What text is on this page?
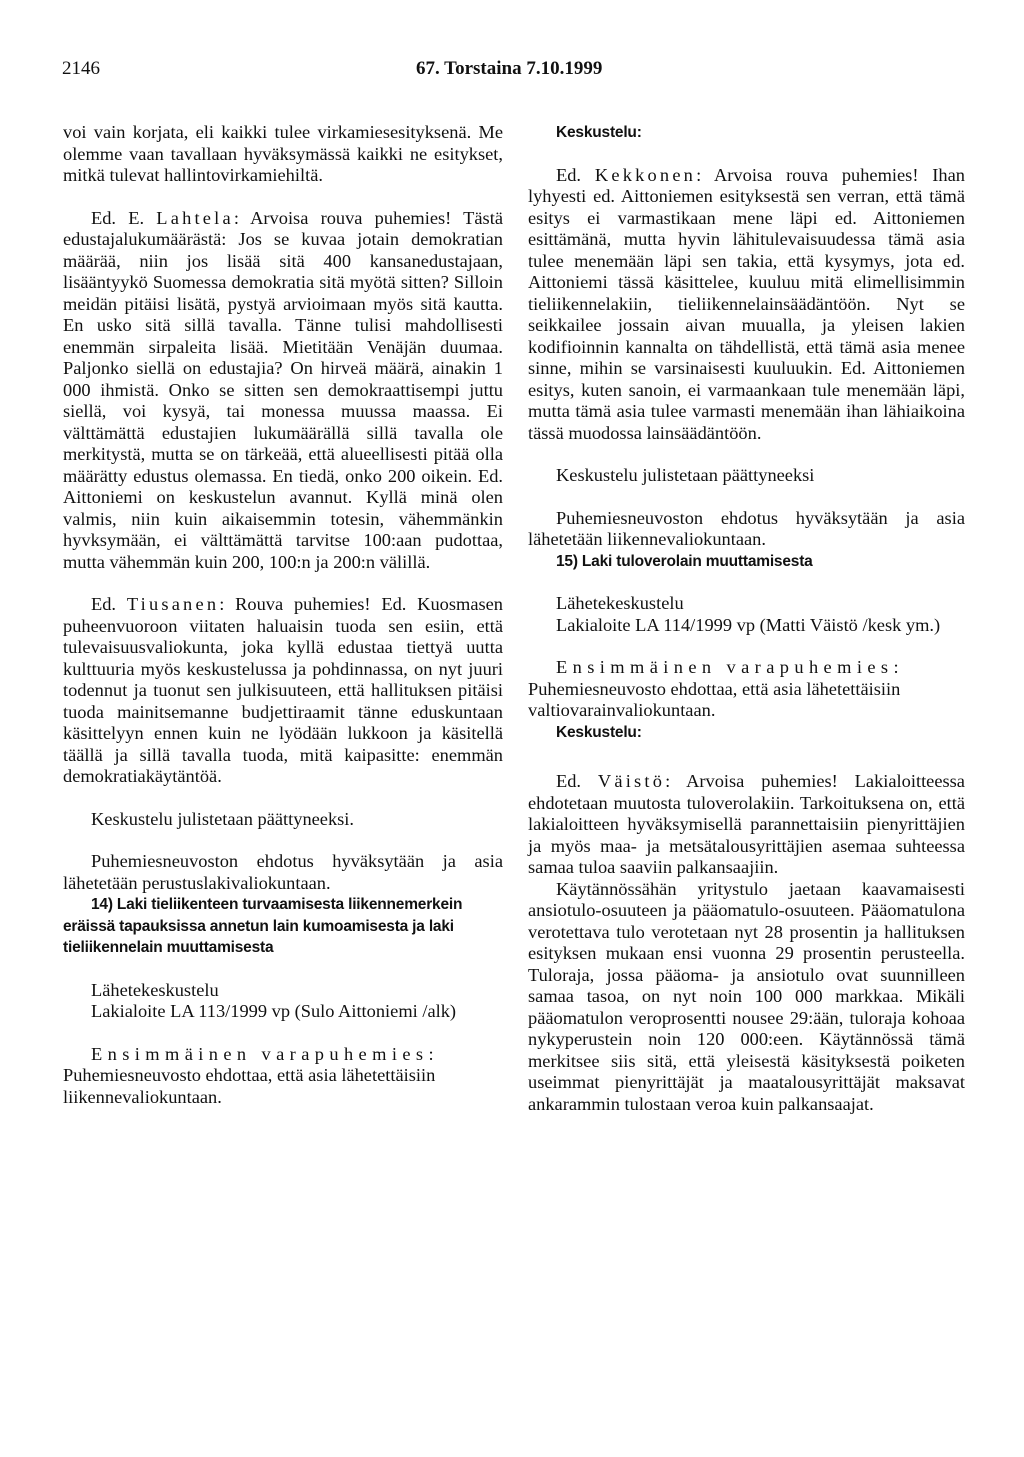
2146	67. Torstaina 7.10.1999

voi vain korjata, eli kaikki tulee virkamiesesityksenä. Me olemme vaan tavallaan hyväksymässä kaikki ne esitykset, mitkä tulevat hallintovirkamiehiltä.

Ed. E. Lahtela: Arvoisa rouva puhemies! Tästä edustajalukumäärästä: Jos se kuvaa jotain demokratian määrää, niin jos lisää sitä 400 kansanedustajaan, lisääntyykö Suomessa demokratia sitä myötä sitten? Silloin meidän pitäisi lisätä, pystyä arvioimaan myös sitä kautta. En usko sitä sillä tavalla. Tänne tulisi mahdollisesti enemmän sirpaleita lisää. Mietitään Venäjän duumaa. Paljonko siellä on edustajia? On hirveä määrä, ainakin 1 000 ihmistä. Onko se sitten sen demokraattisempi juttu siellä, voi kysyä, tai monessa muussa maassa. Ei välttämättä edustajien lukumäärällä sillä tavalla ole merkitystä, mutta se on tärkeää, että alueellisesti pitää olla määrätty edustus olemassa. En tiedä, onko 200 oikein. Ed. Aittoniemi on keskustelun avannut. Kyllä minä olen valmis, niin kuin aikaisemmin totesin, vähemmänkin hyvksymään, ei välttämättä tarvitse 100:aan pudottaa, mutta vähemmän kuin 200, 100:n ja 200:n välillä.

Ed. Tiusanen: Rouva puhemies! Ed. Kuosmasen puheenvuoroon viitaten haluaisin tuoda sen esiin, että tulevaisuusvaliokunta, joka kyllä edustaa tiettyä uutta kulttuuria myös keskustelussa ja pohdinnassa, on nyt juuri todennut ja tuonut sen julkisuuteen, että hallituksen pitäisi tuoda mainitsemanne budjettiraamit tänne eduskuntaan käsittelyyn ennen kuin ne lyödään lukkoon ja käsitellä täällä ja sillä tavalla tuoda, mitä kaipasitte: enemmän demokratiakäytäntöä.

Keskustelu julistetaan päättyneeksi.

Puhemiesneuvoston ehdotus hyväksytään ja asia lähetetään perustuslakivaliokuntaan.

14) Laki tieliikenteen turvaamisesta liikennemerkein eräissä tapauksissa annetun lain kumoamisesta ja laki tieliikennelain muuttamisesta

Lähetekeskustelu

Lakialoite LA 113/1999 vp (Sulo Aittoniemi /alk)

Ensimmäinen varapuhemies:
Puhemiesneuvosto ehdottaa, että asia lähetettäisiin liikennevaliokuntaan.

Keskustelu:

Ed. Kekkonen: Arvoisa rouva puhemies! Ihan lyhyesti ed. Aittoniemen esityksestä sen verran, että tämä esitys ei varmastikaan mene läpi ed. Aittoniemen esittämänä, mutta hyvin lähitulevaisuudessa tämä asia tulee menemään läpi sen takia, että kysymys, jota ed. Aittoniemi tässä käsittelee, kuuluu mitä elimellisimmin tieliikennelakiin, tieliikennelainsäädäntöön. Nyt se seikkailee jossain aivan muualla, ja yleisen lakien kodifioinnin kannalta on tähdellistä, että tämä asia menee sinne, mihin se varsinaisesti kuuluukin. Ed. Aittoniemen esitys, kuten sanoin, ei varmaankaan tule menemään läpi, mutta tämä asia tulee varmasti menemään ihan lähiaikoina tässä muodossa lainsäädäntöön.

Keskustelu julistetaan päättyneeksi

Puhemiesneuvoston ehdotus hyväksytään ja asia lähetetään liikennevaliokuntaan.

15) Laki tuloverolain muuttamisesta

Lähetekeskustelu

Lakialoite LA 114/1999 vp (Matti Väistö /kesk ym.)

Ensimmäinen varapuhemies:
Puhemiesneuvosto ehdottaa, että asia lähetettäisiin valtiovarainvaliokuntaan.

Keskustelu:

Ed. Väistö: Arvoisa puhemies! Lakialoitteessa ehdotetaan muutosta tuloverolakiin. Tarkoituksena on, että lakialoitteen hyväksymisellä parannettaisiin pienyrittäjien ja myös maa- ja metsätalousyrittäjien asemaa suhteessa samaa tuloa saaviin palkansaajiin.

Käytännössähän yritystulo jaetaan kaavamaisesti ansiotulo-osuuteen ja pääomatulo-osuuteen. Pääomatulona verotettava tulo verotetaan nyt 28 prosentin ja hallituksen esityksen mukaan ensi vuonna 29 prosentin perusteella. Tuloraja, jossa pääoma- ja ansiotulo ovat suunnilleen samaa tasoa, on nyt noin 100 000 markkaa. Mikäli pääomatulon veroprosentti nousee 29:ään, tuloraja kohoaa nykyperustein noin 120 000:een. Käytännössä tämä merkitsee siis sitä, että yleisestä käsityksestä poiketen useimmat pienyrittäjät ja maatalousyrittäjät maksavat ankarammin tulostaan veroa kuin palkansaajat.
